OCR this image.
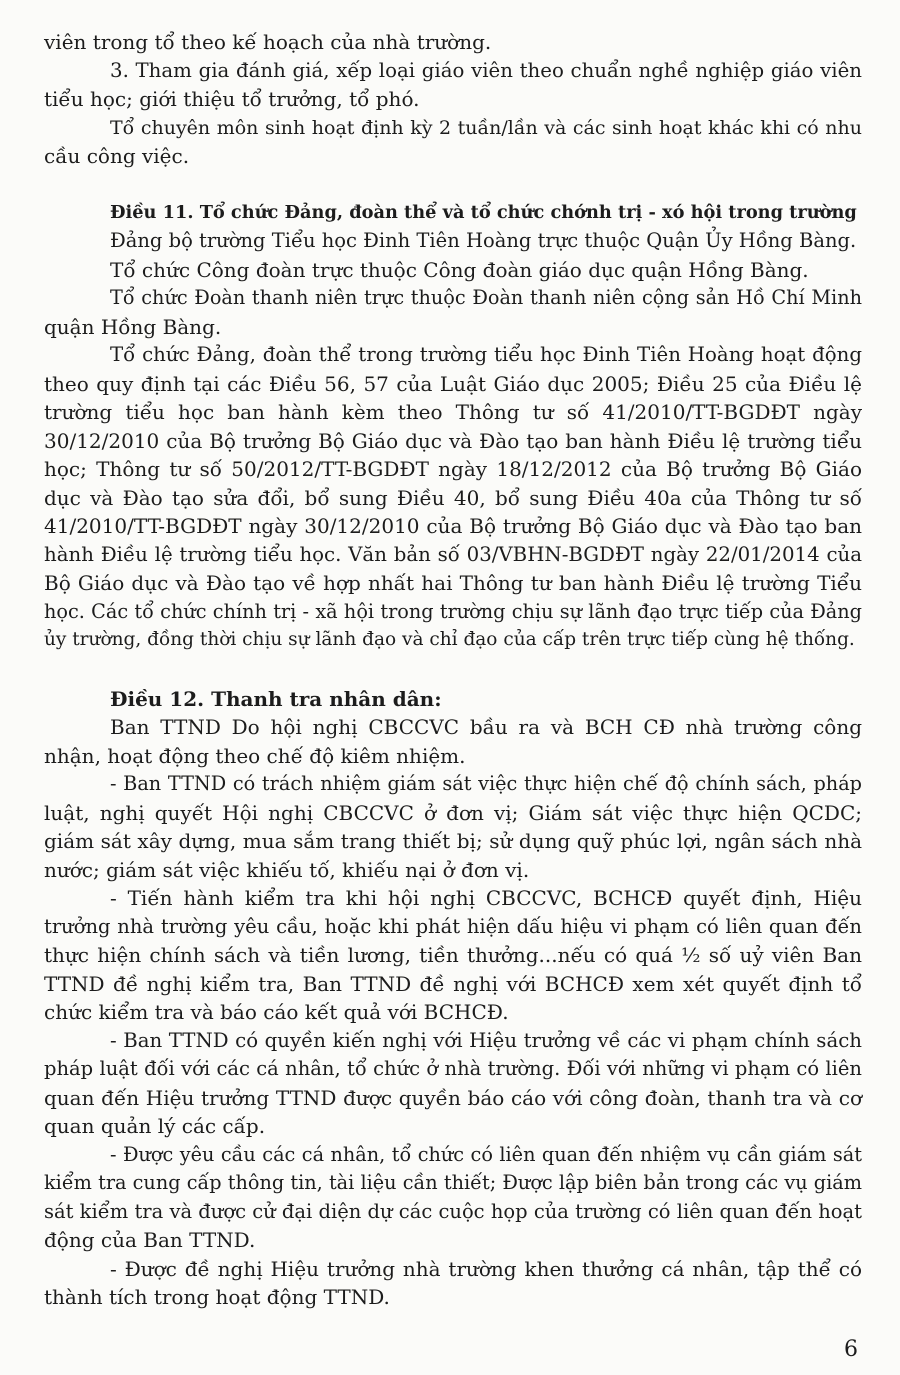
viên trong tổ theo kế hoạch của nhà trường.
3. Tham gia đánh giá, xếp loại giáo viên theo chuẩn nghề nghiệp giáo viên
tiểu học; giới thiệu tổ trưởng, tổ phó.
Tổ chuyên môn sinh hoạt định kỳ 2 tuần/lần và các sinh hoạt khác khi có nhu
cầu công việc.
Điều 11. Tổ chức Đảng, đoàn thể và tổ chức chớnh trị - xó hội trong trường
Đảng bộ trường Tiểu học Đinh Tiên Hoàng trực thuộc Quận Ủy Hồng Bàng.
Tổ chức Công đoàn trực thuộc Công đoàn giáo dục quận Hồng Bàng.
Tổ chức Đoàn thanh niên trực thuộc Đoàn thanh niên cộng sản Hồ Chí Minh
quận Hồng Bàng.
Tổ chức Đảng, đoàn thể trong trường tiểu học Đinh Tiên Hoàng hoạt động
theo quy định tại các Điều 56, 57 của Luật Giáo dục 2005; Điều 25 của Điều lệ
trường tiểu học ban hành kèm theo Thông tư số 41/2010/TT-BGDĐT ngày
30/12/2010 của Bộ trưởng Bộ Giáo dục và Đào tạo ban hành Điều lệ trường tiểu
học; Thông tư số 50/2012/TT-BGDĐT ngày 18/12/2012 của Bộ trưởng Bộ Giáo
dục và Đào tạo sửa đổi, bổ sung Điều 40, bổ sung Điều 40a của Thông tư số
41/2010/TT-BGDĐT ngày 30/12/2010 của Bộ trưởng Bộ Giáo dục và Đào tạo ban
hành Điều lệ trường tiểu học. Văn bản số 03/VBHN-BGDĐT ngày 22/01/2014 của
Bộ Giáo dục và Đào tạo về hợp nhất hai Thông tư ban hành Điều lệ trường Tiểu
học. Các tổ chức chính trị - xã hội trong trường chịu sự lãnh đạo trực tiếp của Đảng
ủy trường, đồng thời chịu sự lãnh đạo và chỉ đạo của cấp trên trực tiếp cùng hệ thống.
Điều 12. Thanh tra nhân dân:
Ban TTND Do hội nghị CBCCVC bầu ra và BCH CĐ nhà trường công
nhận, hoạt động theo chế độ kiêm nhiệm.
- Ban TTND có trách nhiệm giám sát việc thực hiện chế độ chính sách, pháp
luật, nghị quyết Hội nghị CBCCVC ở đơn vị; Giám sát việc thực hiện QCDC;
giám sát xây dựng, mua sắm trang thiết bị; sử dụng quỹ phúc lợi, ngân sách nhà
nước; giám sát việc khiếu tố, khiếu nại ở đơn vị.
- Tiến hành kiểm tra khi hội nghị CBCCVC, BCHCĐ quyết định, Hiệu
trưởng nhà trường yêu cầu, hoặc khi phát hiện dấu hiệu vi phạm có liên quan đến
thực hiện chính sách và tiền lương, tiền thưởng...nếu có quá ½ số uỷ viên Ban
TTND đề nghị kiểm tra, Ban TTND đề nghị với BCHCĐ xem xét quyết định tổ
chức kiểm tra và báo cáo kết quả với BCHCĐ.
- Ban TTND có quyền kiến nghị với Hiệu trưởng về các vi phạm chính sách
pháp luật đối với các cá nhân, tổ chức ở nhà trường. Đối với những vi phạm có liên
quan đến Hiệu trưởng TTND được quyền báo cáo với công đoàn, thanh tra và cơ
quan quản lý các cấp.
- Được yêu cầu các cá nhân, tổ chức có liên quan đến nhiệm vụ cần giám sát
kiểm tra cung cấp thông tin, tài liệu cần thiết; Được lập biên bản trong các vụ giám
sát kiểm tra và được cử đại diện dự các cuộc họp của trường có liên quan đến hoạt
động của Ban TTND.
- Được đề nghị Hiệu trưởng nhà trường khen thưởng cá nhân, tập thể có
thành tích trong hoạt động TTND.
6
